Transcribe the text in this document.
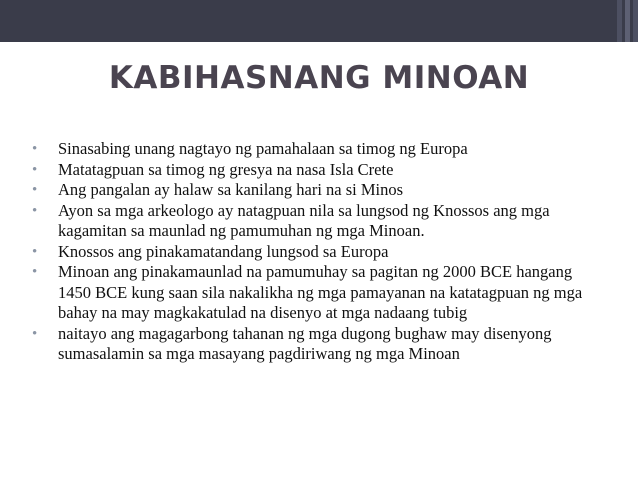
KABIHASNANG MINOAN
• Sinasabing unang nagtayo ng pamahalaan sa timog ng Europa
• Matatagpuan sa timog ng gresya na nasa Isla Crete
• Ang pangalan ay halaw sa kanilang hari na si Minos
• Ayon sa mga arkeologo ay natagpuan nila sa lungsod ng Knossos ang mga kagamitan sa maunlad ng pamumuhan ng mga Minoan.
• Knossos ang pinakamatandang lungsod sa Europa
• Minoan ang pinakamaunlad na pamumuhay sa pagitan ng 2000 BCE hangang 1450 BCE kung saan sila nakalikha ng mga pamayanan na katatagpuan ng mga bahay na may magkakatulad na disenyo at mga nadaang tubig
• naitayo ang magagarbong tahanan ng mga dugong bughaw may disenyong sumasalamin sa mga masayang pagdiriwang ng mga Minoan
